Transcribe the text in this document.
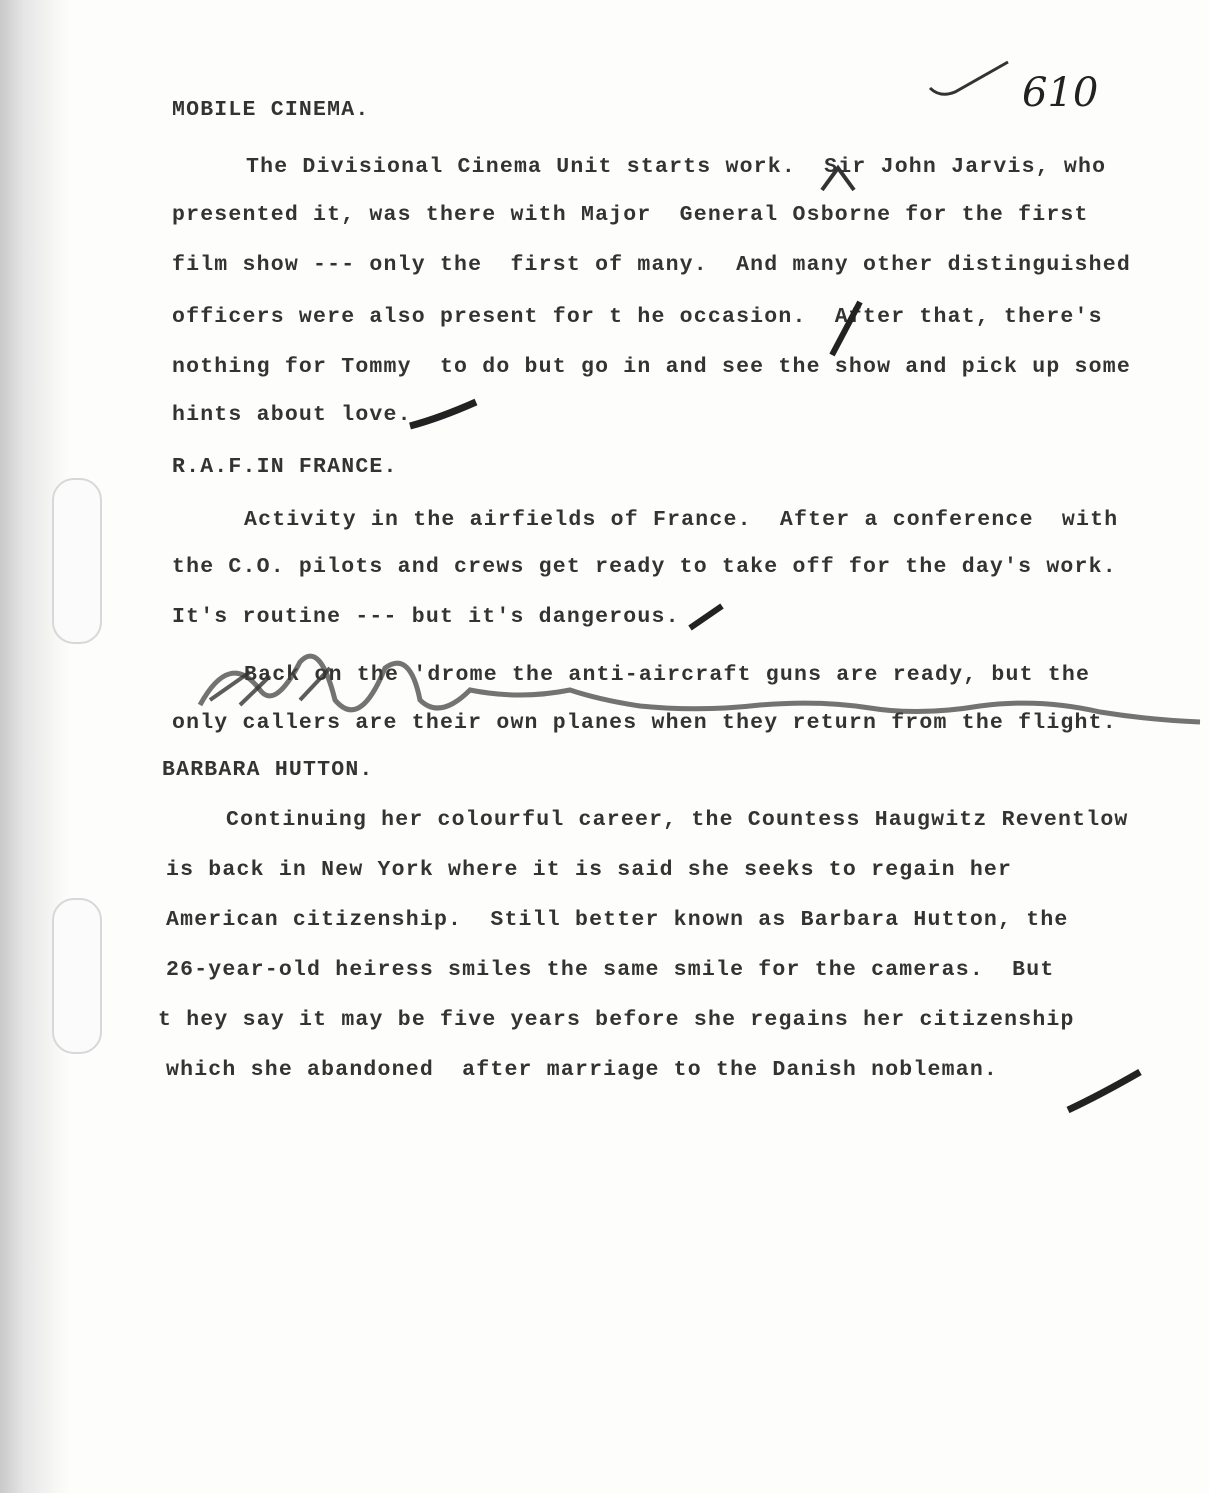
610
MOBILE CINEMA.
The Divisional Cinema Unit starts work.  Sir John Jarvis, who
presented it, was there with Major  General Osborne for the first
film show --- only the  first of many.  And many other distinguished
officers were also present for t he occasion.  After that, there's
nothing for Tommy  to do but go in and see the show and pick up some
hints about love.
R.A.F.IN FRANCE.
Activity in the airfields of France.  After a conference  with
the C.O. pilots and crews get ready to take off for the day's work.
It's routine --- but it's dangerous.
Back on the 'drome the anti-aircraft guns are ready, but the
only callers are their own planes when they return from the flight.
BARBARA HUTTON.
Continuing her colourful career, the Countess Haugwitz Reventlow
is back in New York where it is said she seeks to regain her
American citizenship.  Still better known as Barbara Hutton, the
26-year-old heiress smiles the same smile for the cameras.  But
t hey say it may be five years before she regains her citizenship
which she abandoned  after marriage to the Danish nobleman.
